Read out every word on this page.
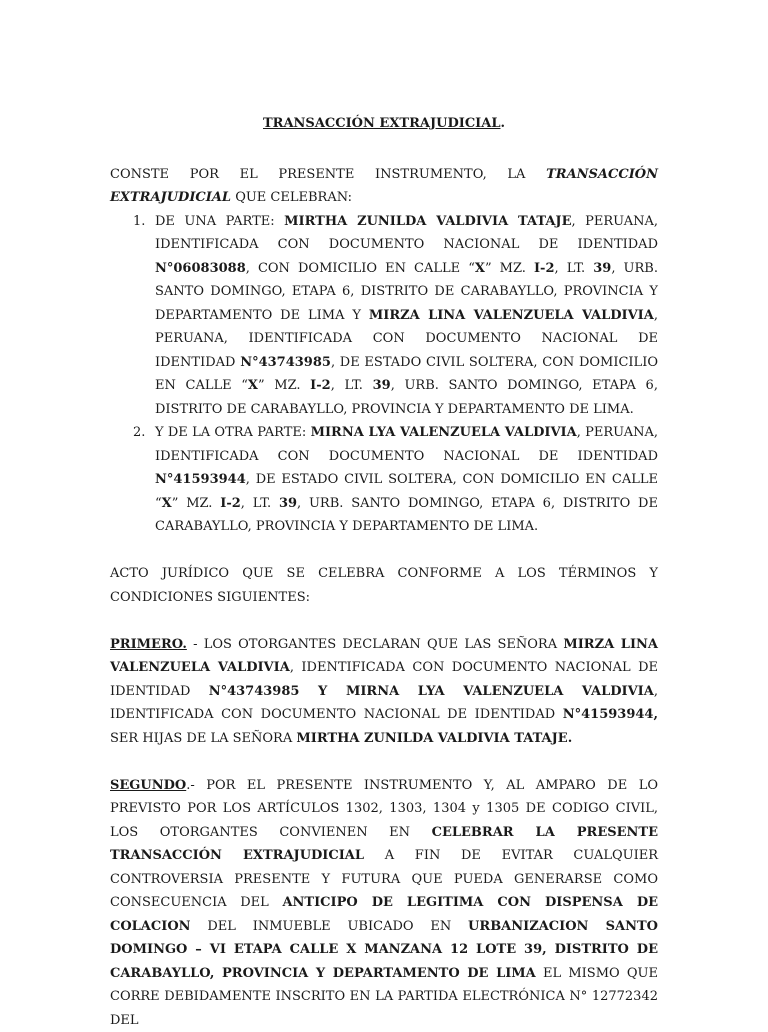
TRANSACCIÓN EXTRAJUDICIAL.

CONSTE POR EL PRESENTE INSTRUMENTO, LA TRANSACCIÓN EXTRAJUDICIAL QUE CELEBRAN:

1. DE UNA PARTE: MIRTHA ZUNILDA VALDIVIA TATAJE, PERUANA, IDENTIFICADA CON DOCUMENTO NACIONAL DE IDENTIDAD N°06083088, CON DOMICILIO EN CALLE “X” MZ. I-2, LT. 39, URB. SANTO DOMINGO, ETAPA 6, DISTRITO DE CARABAYLLO, PROVINCIA Y DEPARTAMENTO DE LIMA Y MIRZA LINA VALENZUELA VALDIVIA, PERUANA, IDENTIFICADA CON DOCUMENTO NACIONAL DE IDENTIDAD N°43743985, DE ESTADO CIVIL SOLTERA, CON DOMICILIO EN CALLE “X” MZ. I-2, LT. 39, URB. SANTO DOMINGO, ETAPA 6, DISTRITO DE CARABAYLLO, PROVINCIA Y DEPARTAMENTO DE LIMA.
2. Y DE LA OTRA PARTE: MIRNA LYA VALENZUELA VALDIVIA, PERUANA, IDENTIFICADA CON DOCUMENTO NACIONAL DE IDENTIDAD N°41593944, DE ESTADO CIVIL SOLTERA, CON DOMICILIO EN CALLE “X” MZ. I-2, LT. 39, URB. SANTO DOMINGO, ETAPA 6, DISTRITO DE CARABAYLLO, PROVINCIA Y DEPARTAMENTO DE LIMA.

ACTO JURÍDICO QUE SE CELEBRA CONFORME A LOS TÉRMINOS Y CONDICIONES SIGUIENTES:

PRIMERO. - LOS OTORGANTES DECLARAN QUE LAS SEÑORA MIRZA LINA VALENZUELA VALDIVIA, IDENTIFICADA CON DOCUMENTO NACIONAL DE IDENTIDAD N°43743985 Y MIRNA LYA VALENZUELA VALDIVIA, IDENTIFICADA CON DOCUMENTO NACIONAL DE IDENTIDAD N°41593944, SER HIJAS DE LA SEÑORA MIRTHA ZUNILDA VALDIVIA TATAJE.

SEGUNDO.- POR EL PRESENTE INSTRUMENTO Y, AL AMPARO DE LO PREVISTO POR LOS ARTÍCULOS 1302, 1303, 1304 y 1305 DE CODIGO CIVIL, LOS OTORGANTES CONVIENEN EN CELEBRAR LA PRESENTE TRANSACCIÓN EXTRAJUDICIAL A FIN DE EVITAR CUALQUIER CONTROVERSIA PRESENTE Y FUTURA QUE PUEDA GENERARSE COMO CONSECUENCIA DEL ANTICIPO DE LEGITIMA CON DISPENSA DE COLACION DEL INMUEBLE UBICADO EN URBANIZACION SANTO DOMINGO – VI ETAPA CALLE X MANZANA 12 LOTE 39, DISTRITO DE CARABAYLLO, PROVINCIA Y DEPARTAMENTO DE LIMA EL MISMO QUE CORRE DEBIDAMENTE INSCRITO EN LA PARTIDA ELECTRÓNICA N° 12772342 DEL
